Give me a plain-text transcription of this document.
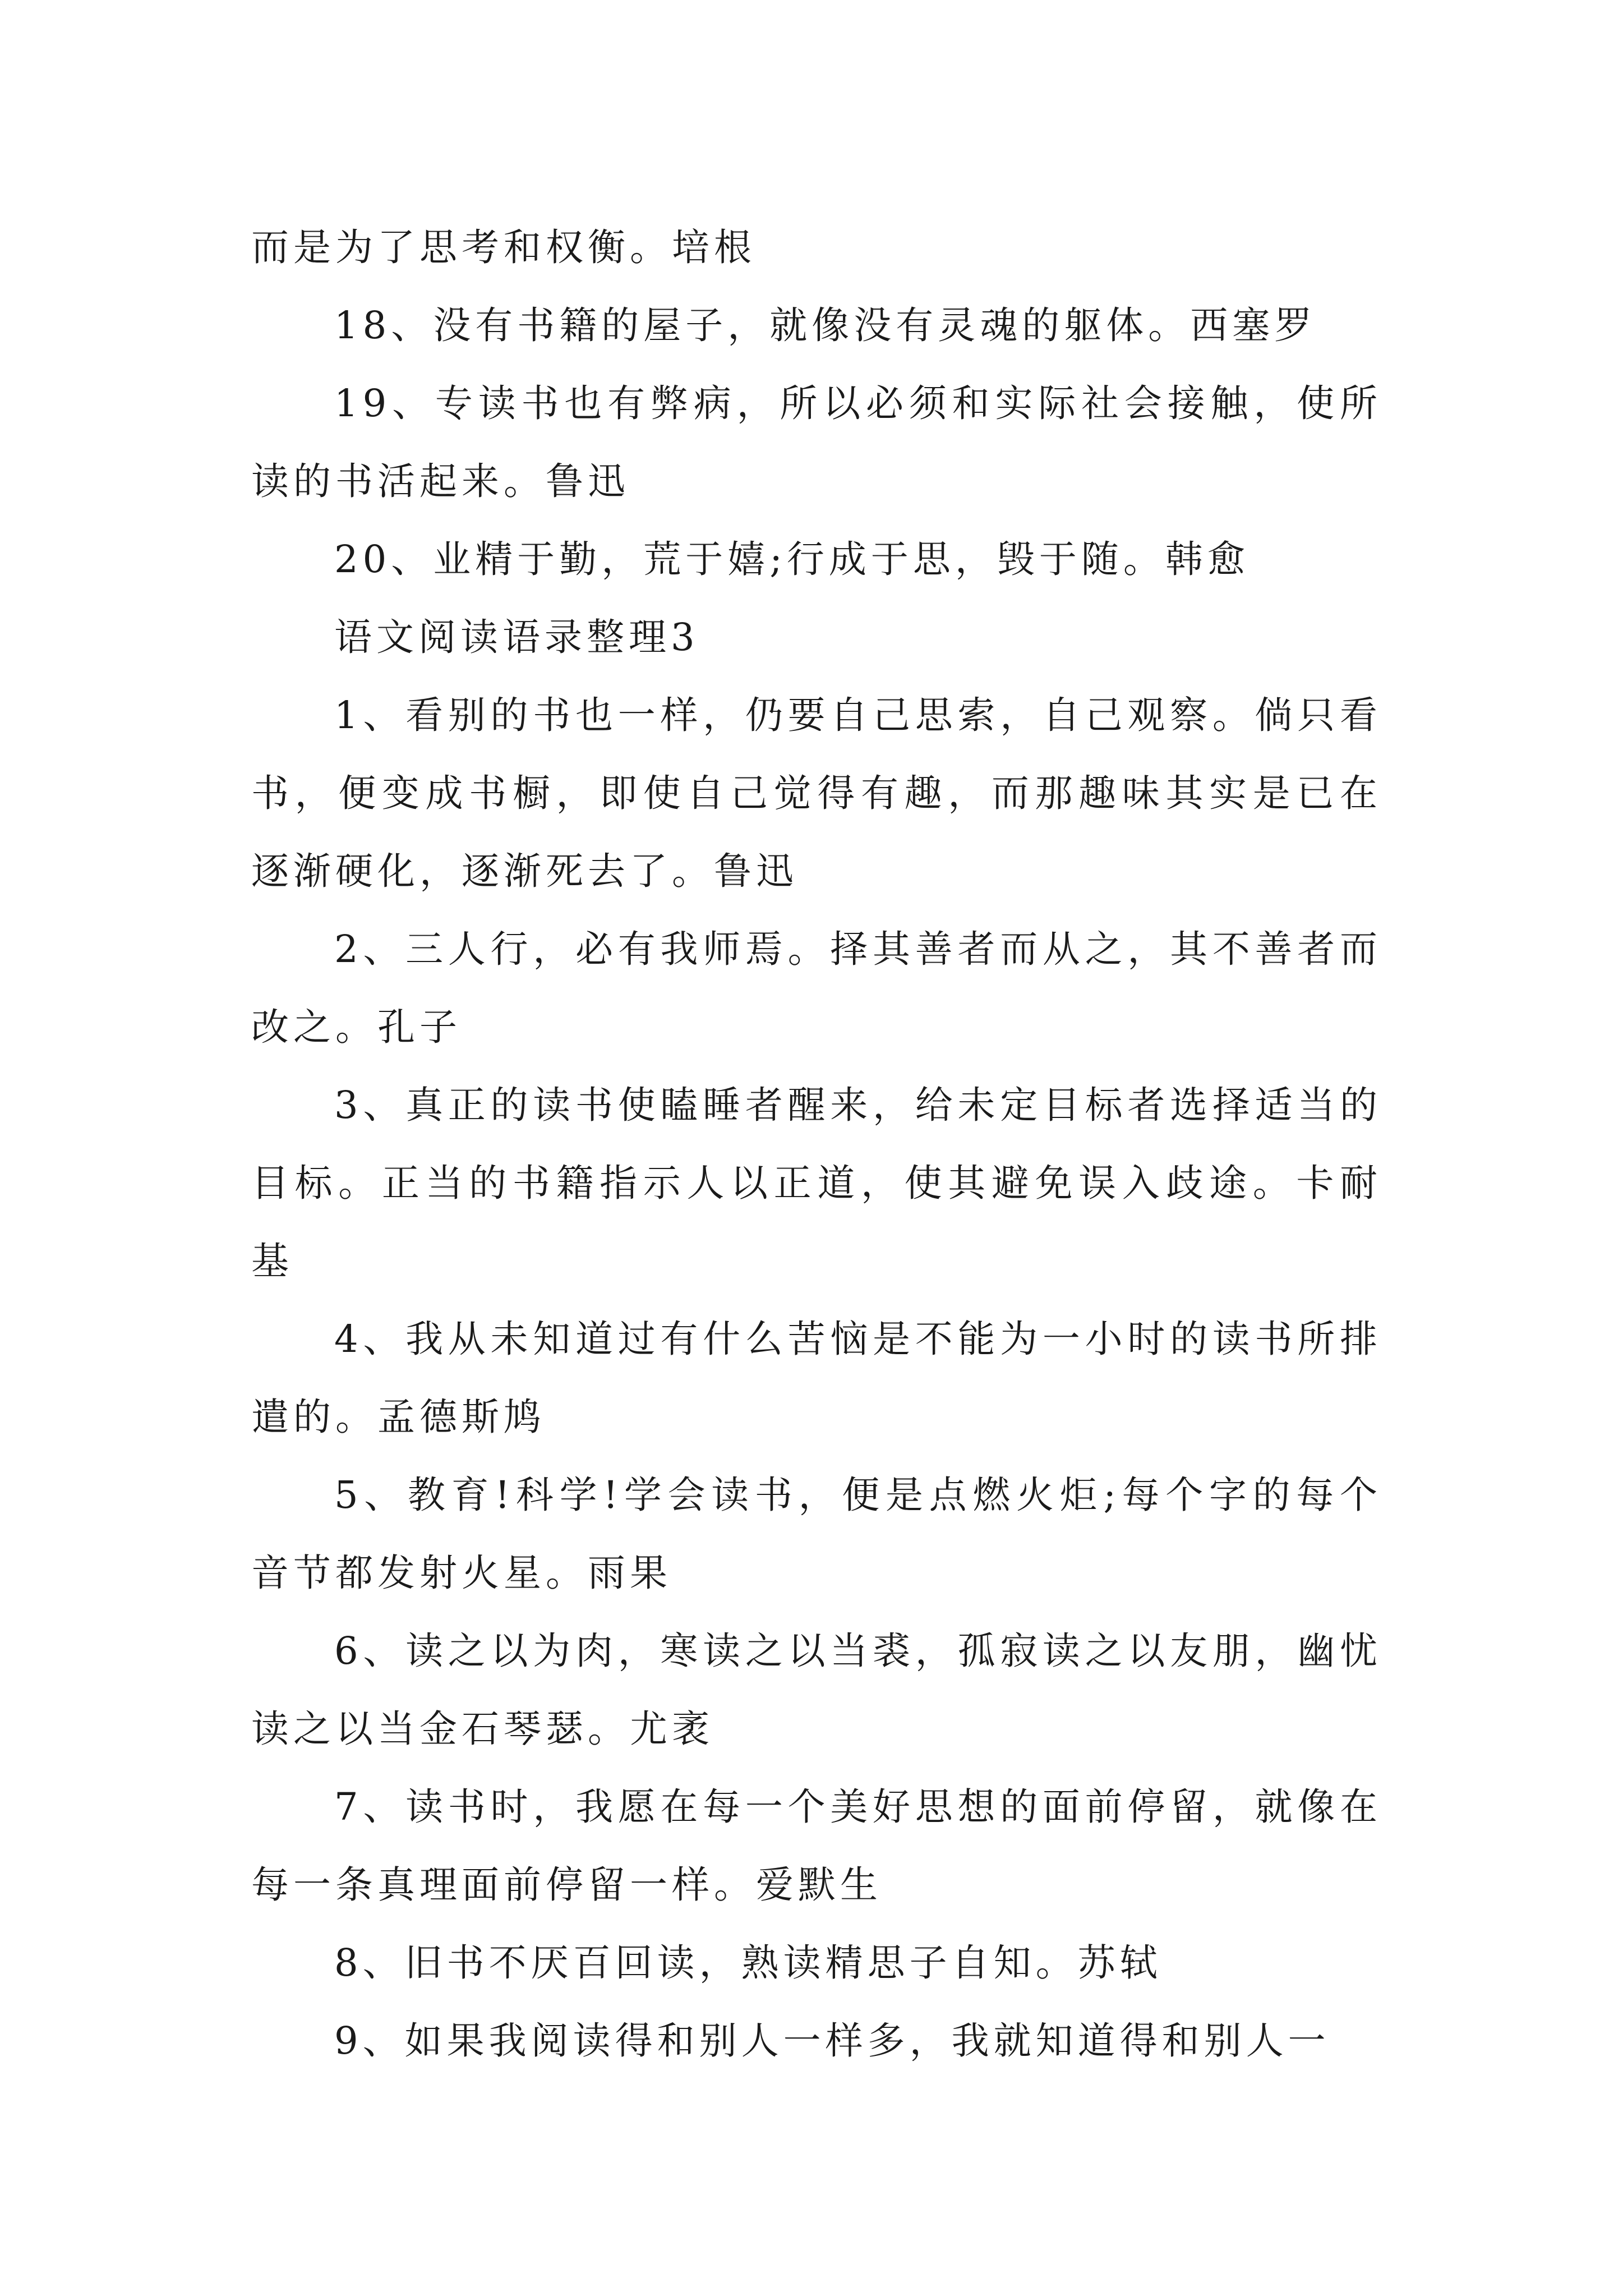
而是为了思考和权衡。培根

18、没有书籍的屋子，就像没有灵魂的躯体。西塞罗

19、专读书也有弊病，所以必须和实际社会接触，使所读的书活起来。鲁迅

20、业精于勤，荒于嬉;行成于思，毁于随。韩愈

语文阅读语录整理3

1、看别的书也一样，仍要自己思索，自己观察。倘只看书，便变成书橱，即使自己觉得有趣，而那趣味其实是已在逐渐硬化，逐渐死去了。鲁迅

2、三人行，必有我师焉。择其善者而从之，其不善者而改之。孔子

3、真正的读书使瞌睡者醒来，给未定目标者选择适当的目标。正当的书籍指示人以正道，使其避免误入歧途。卡耐基

4、我从未知道过有什么苦恼是不能为一小时的读书所排遣的。孟德斯鸠

5、教育!科学!学会读书，便是点燃火炬;每个字的每个音节都发射火星。雨果

6、读之以为肉，寒读之以当裘，孤寂读之以友朋，幽忧读之以当金石琴瑟。尤袤

7、读书时，我愿在每一个美好思想的面前停留，就像在每一条真理面前停留一样。爱默生

8、旧书不厌百回读，熟读精思子自知。苏轼

9、如果我阅读得和别人一样多，我就知道得和别人一
